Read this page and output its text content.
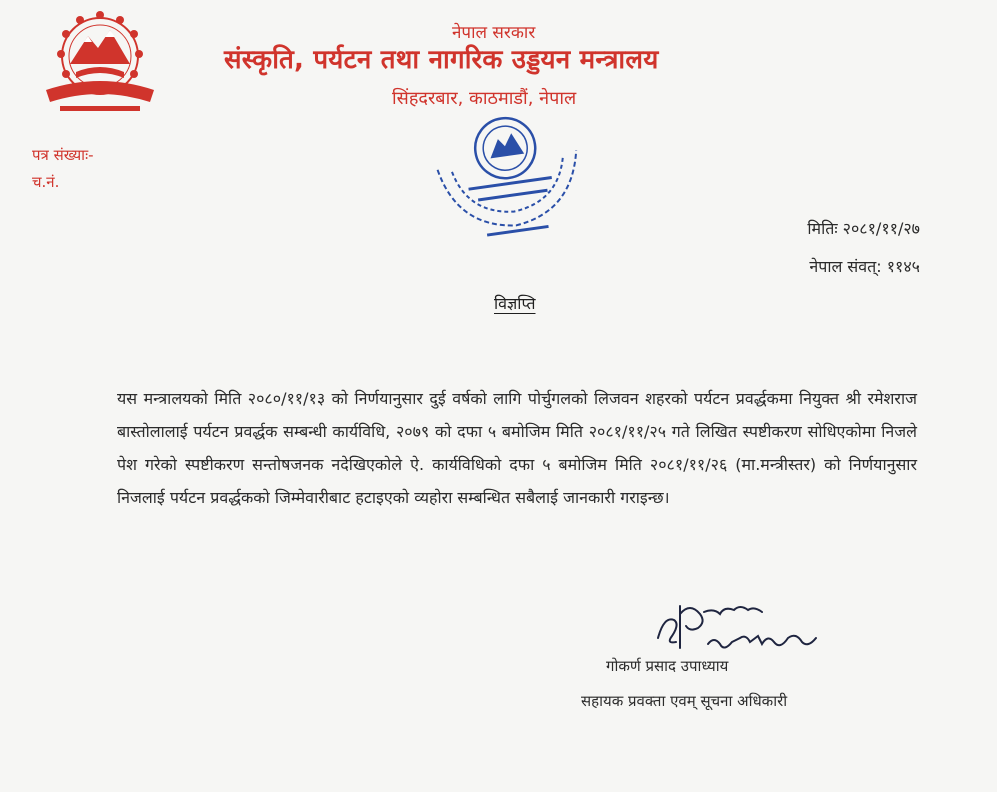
नेपाल सरकार
संस्कृति, पर्यटन तथा नागरिक उड्डयन मन्त्रालय
सिंहदरबार, काठमाडौं, नेपाल
पत्र संख्याः-
च.नं.
मितिः २०८१/११/२७
नेपाल संवत्: ११४५
विज्ञप्ति
यस मन्त्रालयको मिति २०८०/११/१३ को निर्णयानुसार दुई वर्षको लागि पोर्चुगलको लिजवन शहरको पर्यटन प्रवर्द्धकमा नियुक्त श्री रमेशराज बास्तोलालाई पर्यटन प्रवर्द्धक सम्बन्धी कार्यविधि, २०७९ को दफा ५ बमोजिम मिति २०८१/११/२५ गते लिखित स्पष्टीकरण सोधिएकोमा निजले पेश गरेको स्पष्टीकरण सन्तोषजनक नदेखिएकोले ऐ. कार्यविधिको दफा ५ बमोजिम मिति २०८१/११/२६ (मा.मन्त्रीस्तर) को निर्णयानुसार निजलाई पर्यटन प्रवर्द्धकको जिम्मेवारीबाट हटाइएको व्यहोरा सम्बन्धित सबैलाई जानकारी गराइन्छ।
गोकर्ण प्रसाद उपाध्याय
सहायक प्रवक्ता एवम् सूचना अधिकारी
